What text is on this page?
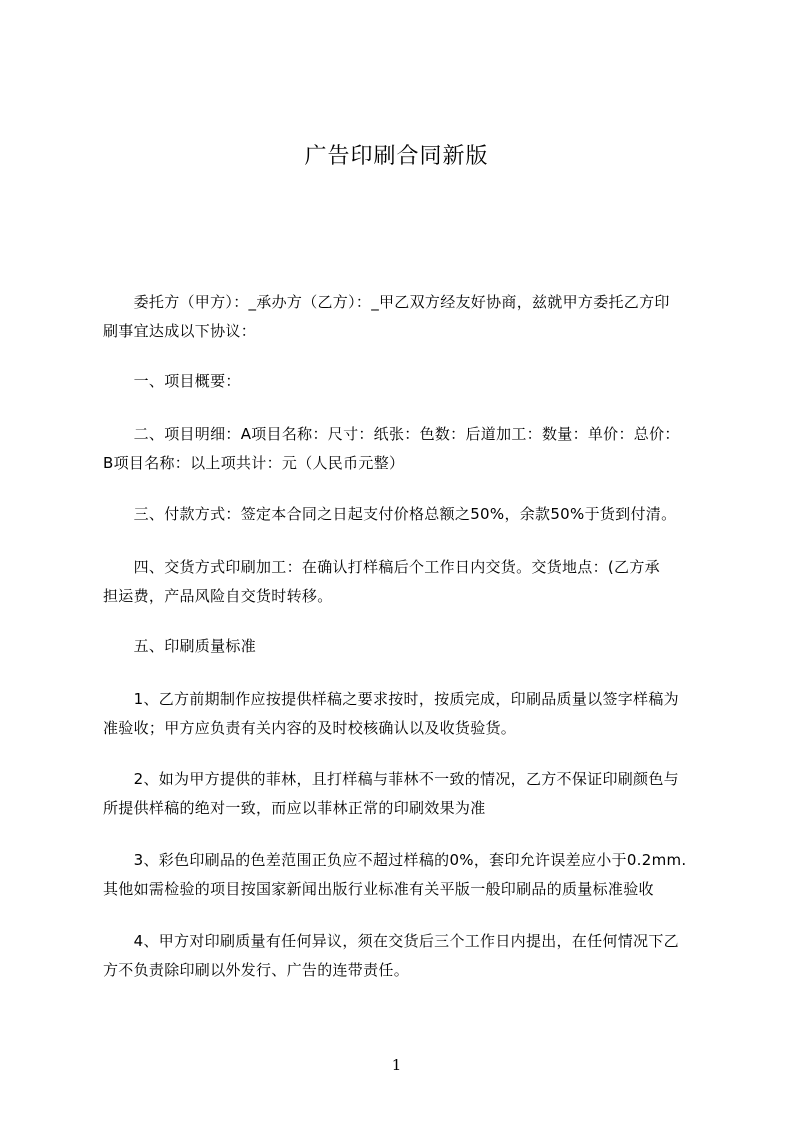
广告印刷合同新版
　　委托方（甲方）：_承办方（乙方）：_甲乙双方经友好协商，兹就甲方委托乙方印
刷事宜达成以下协议：
　　一、项目概要：
　　二、项目明细：A项目名称：尺寸：纸张：色数：后道加工：数量：单价：总价：
B项目名称：以上项共计：元（人民币元整）
　　三、付款方式：签定本合同之日起支付价格总额之50%，余款50%于货到付清。
　　四、交货方式印刷加工：在确认打样稿后个工作日内交货。交货地点：(乙方承
担运费，产品风险自交货时转移。
　　五、印刷质量标准
　　1、乙方前期制作应按提供样稿之要求按时，按质完成，印刷品质量以签字样稿为
准验收；甲方应负责有关内容的及时校核确认以及收货验货。
　　2、如为甲方提供的菲林，且打样稿与菲林不一致的情况，乙方不保证印刷颜色与
所提供样稿的绝对一致，而应以菲林正常的印刷效果为准
　　3、彩色印刷品的色差范围正负应不超过样稿的0%，套印允许误差应小于0.2mm.
其他如需检验的项目按国家新闻出版行业标准有关平版一般印刷品的质量标准验收
　　4、甲方对印刷质量有任何异议，须在交货后三个工作日内提出，在任何情况下乙
方不负责除印刷以外发行、广告的连带责任。
1
